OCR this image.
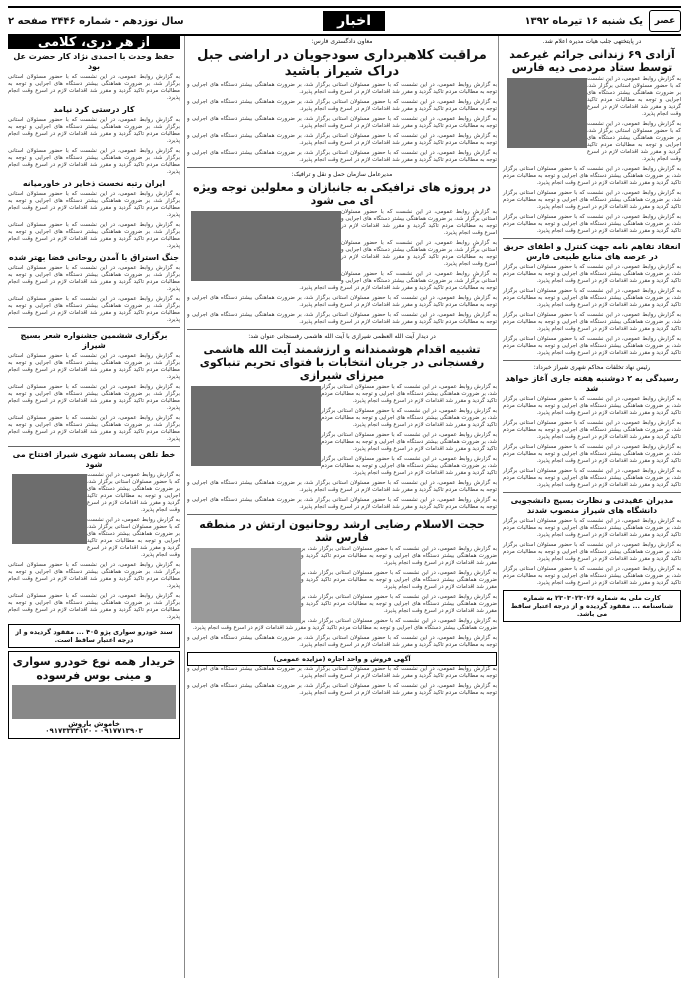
عصر
یک شنبه ۱۶ تیرماه ۱۳۹۲
اخبار
سال نوزدهم - شماره ۳۴۴۶ صفحه ۲
در پایتختهی جلب هیات مدیره اعلام شد.
آزادی ۶۹ زندانی جرائم غیرعمد توسط ستاد مردمی دیه فارس

به گزارش روابط عمومی، در این نشست که با حضور مسئولان استانی برگزار شد، بر ضرورت هماهنگی بیشتر دستگاه های اجرایی و توجه به مطالبات مردم تاکید گردید و مقرر شد اقدامات لازم در اسرع وقت انجام پذیرد.

به گزارش روابط عمومی، در این نشست که با حضور مسئولان استانی برگزار شد، بر ضرورت هماهنگی بیشتر دستگاه های اجرایی و توجه به مطالبات مردم تاکید گردید و مقرر شد اقدامات لازم در اسرع وقت انجام پذیرد.

به گزارش روابط عمومی، در این نشست که با حضور مسئولان استانی برگزار شد، بر ضرورت هماهنگی بیشتر دستگاه های اجرایی و توجه به مطالبات مردم تاکید گردید و مقرر شد اقدامات لازم در اسرع وقت انجام پذیرد.

به گزارش روابط عمومی، در این نشست که با حضور مسئولان استانی برگزار شد، بر ضرورت هماهنگی بیشتر دستگاه های اجرایی و توجه به مطالبات مردم تاکید گردید و مقرر شد اقدامات لازم در اسرع وقت انجام پذیرد.

به گزارش روابط عمومی، در این نشست که با حضور مسئولان استانی برگزار شد، بر ضرورت هماهنگی بیشتر دستگاه های اجرایی و توجه به مطالبات مردم تاکید گردید و مقرر شد اقدامات لازم در اسرع وقت انجام پذیرد.

انعقاد تفاهم نامه جهت کنترل و اطفای حریق در عرصه های منابع طبیعی فارس

به گزارش روابط عمومی، در این نشست که با حضور مسئولان استانی برگزار شد، بر ضرورت هماهنگی بیشتر دستگاه های اجرایی و توجه به مطالبات مردم تاکید گردید و مقرر شد اقدامات لازم در اسرع وقت انجام پذیرد.

به گزارش روابط عمومی، در این نشست که با حضور مسئولان استانی برگزار شد، بر ضرورت هماهنگی بیشتر دستگاه های اجرایی و توجه به مطالبات مردم تاکید گردید و مقرر شد اقدامات لازم در اسرع وقت انجام پذیرد.

به گزارش روابط عمومی، در این نشست که با حضور مسئولان استانی برگزار شد، بر ضرورت هماهنگی بیشتر دستگاه های اجرایی و توجه به مطالبات مردم تاکید گردید و مقرر شد اقدامات لازم در اسرع وقت انجام پذیرد.

به گزارش روابط عمومی، در این نشست که با حضور مسئولان استانی برگزار شد، بر ضرورت هماهنگی بیشتر دستگاه های اجرایی و توجه به مطالبات مردم تاکید گردید و مقرر شد اقدامات لازم در اسرع وقت انجام پذیرد.

رئیس نهاد تخلفات محاکم شهری شیراز خبرداد:
رسیدگی به ۲ دوشنبه هفته جاری آغاز خواهد شد

به گزارش روابط عمومی، در این نشست که با حضور مسئولان استانی برگزار شد، بر ضرورت هماهنگی بیشتر دستگاه های اجرایی و توجه به مطالبات مردم تاکید گردید و مقرر شد اقدامات لازم در اسرع وقت انجام پذیرد.

به گزارش روابط عمومی، در این نشست که با حضور مسئولان استانی برگزار شد، بر ضرورت هماهنگی بیشتر دستگاه های اجرایی و توجه به مطالبات مردم تاکید گردید و مقرر شد اقدامات لازم در اسرع وقت انجام پذیرد.

به گزارش روابط عمومی، در این نشست که با حضور مسئولان استانی برگزار شد، بر ضرورت هماهنگی بیشتر دستگاه های اجرایی و توجه به مطالبات مردم تاکید گردید و مقرر شد اقدامات لازم در اسرع وقت انجام پذیرد.

به گزارش روابط عمومی، در این نشست که با حضور مسئولان استانی برگزار شد، بر ضرورت هماهنگی بیشتر دستگاه های اجرایی و توجه به مطالبات مردم تاکید گردید و مقرر شد اقدامات لازم در اسرع وقت انجام پذیرد.

مدیران عقیدتی و نظارت بسیج دانشجویی دانشگاه های شیراز منصوب شدند

به گزارش روابط عمومی، در این نشست که با حضور مسئولان استانی برگزار شد، بر ضرورت هماهنگی بیشتر دستگاه های اجرایی و توجه به مطالبات مردم تاکید گردید و مقرر شد اقدامات لازم در اسرع وقت انجام پذیرد.

به گزارش روابط عمومی، در این نشست که با حضور مسئولان استانی برگزار شد، بر ضرورت هماهنگی بیشتر دستگاه های اجرایی و توجه به مطالبات مردم تاکید گردید و مقرر شد اقدامات لازم در اسرع وقت انجام پذیرد.

به گزارش روابط عمومی، در این نشست که با حضور مسئولان استانی برگزار شد، بر ضرورت هماهنگی بیشتر دستگاه های اجرایی و توجه به مطالبات مردم تاکید گردید و مقرر شد اقدامات لازم در اسرع وقت انجام پذیرد.

کارت ملی به شماره ۲۳۰۳۰۲۳۰۲۶ به شماره شناسنامه ... مفقود گردیده و از درجه اعتبار ساقط می باشد.
معاون دادگستری فارس:
مراقبت کلاهبرداری سودجویان در اراضی جبل دراک شیراز باشید

به گزارش روابط عمومی، در این نشست که با حضور مسئولان استانی برگزار شد، بر ضرورت هماهنگی بیشتر دستگاه های اجرایی و توجه به مطالبات مردم تاکید گردید و مقرر شد اقدامات لازم در اسرع وقت انجام پذیرد.

به گزارش روابط عمومی، در این نشست که با حضور مسئولان استانی برگزار شد، بر ضرورت هماهنگی بیشتر دستگاه های اجرایی و توجه به مطالبات مردم تاکید گردید و مقرر شد اقدامات لازم در اسرع وقت انجام پذیرد.

به گزارش روابط عمومی، در این نشست که با حضور مسئولان استانی برگزار شد، بر ضرورت هماهنگی بیشتر دستگاه های اجرایی و توجه به مطالبات مردم تاکید گردید و مقرر شد اقدامات لازم در اسرع وقت انجام پذیرد.

به گزارش روابط عمومی، در این نشست که با حضور مسئولان استانی برگزار شد، بر ضرورت هماهنگی بیشتر دستگاه های اجرایی و توجه به مطالبات مردم تاکید گردید و مقرر شد اقدامات لازم در اسرع وقت انجام پذیرد.

به گزارش روابط عمومی، در این نشست که با حضور مسئولان استانی برگزار شد، بر ضرورت هماهنگی بیشتر دستگاه های اجرایی و توجه به مطالبات مردم تاکید گردید و مقرر شد اقدامات لازم در اسرع وقت انجام پذیرد.

مدیرعامل سازمان حمل و نقل و ترافیک:
در پروژه های ترافیکی به جانبازان و معلولین توجه ویژه ای می شود

به گزارش روابط عمومی، در این نشست که با حضور مسئولان استانی برگزار شد، بر ضرورت هماهنگی بیشتر دستگاه های اجرایی و توجه به مطالبات مردم تاکید گردید و مقرر شد اقدامات لازم در اسرع وقت انجام پذیرد.

به گزارش روابط عمومی، در این نشست که با حضور مسئولان استانی برگزار شد، بر ضرورت هماهنگی بیشتر دستگاه های اجرایی و توجه به مطالبات مردم تاکید گردید و مقرر شد اقدامات لازم در اسرع وقت انجام پذیرد.

به گزارش روابط عمومی، در این نشست که با حضور مسئولان استانی برگزار شد، بر ضرورت هماهنگی بیشتر دستگاه های اجرایی و توجه به مطالبات مردم تاکید گردید و مقرر شد اقدامات لازم در اسرع وقت انجام پذیرد.

به گزارش روابط عمومی، در این نشست که با حضور مسئولان استانی برگزار شد، بر ضرورت هماهنگی بیشتر دستگاه های اجرایی و توجه به مطالبات مردم تاکید گردید و مقرر شد اقدامات لازم در اسرع وقت انجام پذیرد.

به گزارش روابط عمومی، در این نشست که با حضور مسئولان استانی برگزار شد، بر ضرورت هماهنگی بیشتر دستگاه های اجرایی و توجه به مطالبات مردم تاکید گردید و مقرر شد اقدامات لازم در اسرع وقت انجام پذیرد.

در دیدار آیت الله العظمی شیرازی با آیت الله هاشمی رفسنجانی عنوان شد:
تشبیه اقدام هوشمندانه و ارزشمند آیت الله هاشمی رفسنجانی در جریان انتخابات با فتوای تحریم تنباکوی میرزای شیرازی

به گزارش روابط عمومی، در این نشست که با حضور مسئولان استانی برگزار شد، بر ضرورت هماهنگی بیشتر دستگاه های اجرایی و توجه به مطالبات مردم تاکید گردید و مقرر شد اقدامات لازم در اسرع وقت انجام پذیرد.

به گزارش روابط عمومی، در این نشست که با حضور مسئولان استانی برگزار شد، بر ضرورت هماهنگی بیشتر دستگاه های اجرایی و توجه به مطالبات مردم تاکید گردید و مقرر شد اقدامات لازم در اسرع وقت انجام پذیرد.

به گزارش روابط عمومی، در این نشست که با حضور مسئولان استانی برگزار شد، بر ضرورت هماهنگی بیشتر دستگاه های اجرایی و توجه به مطالبات مردم تاکید گردید و مقرر شد اقدامات لازم در اسرع وقت انجام پذیرد.

به گزارش روابط عمومی، در این نشست که با حضور مسئولان استانی برگزار شد، بر ضرورت هماهنگی بیشتر دستگاه های اجرایی و توجه به مطالبات مردم تاکید گردید و مقرر شد اقدامات لازم در اسرع وقت انجام پذیرد.

به گزارش روابط عمومی، در این نشست که با حضور مسئولان استانی برگزار شد، بر ضرورت هماهنگی بیشتر دستگاه های اجرایی و توجه به مطالبات مردم تاکید گردید و مقرر شد اقدامات لازم در اسرع وقت انجام پذیرد.

به گزارش روابط عمومی، در این نشست که با حضور مسئولان استانی برگزار شد، بر ضرورت هماهنگی بیشتر دستگاه های اجرایی و توجه به مطالبات مردم تاکید گردید و مقرر شد اقدامات لازم در اسرع وقت انجام پذیرد.

حجت الاسلام رضایی ارشد روحانیون ارتش در منطقه فارس شد

به گزارش روابط عمومی، در این نشست که با حضور مسئولان استانی برگزار شد، بر ضرورت هماهنگی بیشتر دستگاه های اجرایی و توجه به مطالبات مردم تاکید گردید و مقرر شد اقدامات لازم در اسرع وقت انجام پذیرد.

به گزارش روابط عمومی، در این نشست که با حضور مسئولان استانی برگزار شد، بر ضرورت هماهنگی بیشتر دستگاه های اجرایی و توجه به مطالبات مردم تاکید گردید و مقرر شد اقدامات لازم در اسرع وقت انجام پذیرد.

به گزارش روابط عمومی، در این نشست که با حضور مسئولان استانی برگزار شد، بر ضرورت هماهنگی بیشتر دستگاه های اجرایی و توجه به مطالبات مردم تاکید گردید و مقرر شد اقدامات لازم در اسرع وقت انجام پذیرد.

به گزارش روابط عمومی، در این نشست که با حضور مسئولان استانی برگزار شد، بر ضرورت هماهنگی بیشتر دستگاه های اجرایی و توجه به مطالبات مردم تاکید گردید و مقرر شد اقدامات لازم در اسرع وقت انجام پذیرد.

به گزارش روابط عمومی، در این نشست که با حضور مسئولان استانی برگزار شد، بر ضرورت هماهنگی بیشتر دستگاه های اجرایی و توجه به مطالبات مردم تاکید گردید و مقرر شد اقدامات لازم در اسرع وقت انجام پذیرد.

آگهی فروش و واحد اجاره (مزایده عمومی)

به گزارش روابط عمومی، در این نشست که با حضور مسئولان استانی برگزار شد، بر ضرورت هماهنگی بیشتر دستگاه های اجرایی و توجه به مطالبات مردم تاکید گردید و مقرر شد اقدامات لازم در اسرع وقت انجام پذیرد.

به گزارش روابط عمومی، در این نشست که با حضور مسئولان استانی برگزار شد، بر ضرورت هماهنگی بیشتر دستگاه های اجرایی و توجه به مطالبات مردم تاکید گردید و مقرر شد اقدامات لازم در اسرع وقت انجام پذیرد.

از هر دری، کلامی
حفظ وحدت با احمدی نژاد کار حضرت عل بود

به گزارش روابط عمومی، در این نشست که با حضور مسئولان استانی برگزار شد، بر ضرورت هماهنگی بیشتر دستگاه های اجرایی و توجه به مطالبات مردم تاکید گردید و مقرر شد اقدامات لازم در اسرع وقت انجام پذیرد.

کار درستی کرد نیامد

به گزارش روابط عمومی، در این نشست که با حضور مسئولان استانی برگزار شد، بر ضرورت هماهنگی بیشتر دستگاه های اجرایی و توجه به مطالبات مردم تاکید گردید و مقرر شد اقدامات لازم در اسرع وقت انجام پذیرد.

به گزارش روابط عمومی، در این نشست که با حضور مسئولان استانی برگزار شد، بر ضرورت هماهنگی بیشتر دستگاه های اجرایی و توجه به مطالبات مردم تاکید گردید و مقرر شد اقدامات لازم در اسرع وقت انجام پذیرد.

ایران رتبه نخست ذخایر در خاورمیانه

به گزارش روابط عمومی، در این نشست که با حضور مسئولان استانی برگزار شد، بر ضرورت هماهنگی بیشتر دستگاه های اجرایی و توجه به مطالبات مردم تاکید گردید و مقرر شد اقدامات لازم در اسرع وقت انجام پذیرد.

به گزارش روابط عمومی، در این نشست که با حضور مسئولان استانی برگزار شد، بر ضرورت هماهنگی بیشتر دستگاه های اجرایی و توجه به مطالبات مردم تاکید گردید و مقرر شد اقدامات لازم در اسرع وقت انجام پذیرد.

جنگ استراق با آمدن روحانی فضا بهتر شده

به گزارش روابط عمومی، در این نشست که با حضور مسئولان استانی برگزار شد، بر ضرورت هماهنگی بیشتر دستگاه های اجرایی و توجه به مطالبات مردم تاکید گردید و مقرر شد اقدامات لازم در اسرع وقت انجام پذیرد.

به گزارش روابط عمومی، در این نشست که با حضور مسئولان استانی برگزار شد، بر ضرورت هماهنگی بیشتر دستگاه های اجرایی و توجه به مطالبات مردم تاکید گردید و مقرر شد اقدامات لازم در اسرع وقت انجام پذیرد.

برگزاری ششمین جشنواره شعر بسیج شیراز

به گزارش روابط عمومی، در این نشست که با حضور مسئولان استانی برگزار شد، بر ضرورت هماهنگی بیشتر دستگاه های اجرایی و توجه به مطالبات مردم تاکید گردید و مقرر شد اقدامات لازم در اسرع وقت انجام پذیرد.

به گزارش روابط عمومی، در این نشست که با حضور مسئولان استانی برگزار شد، بر ضرورت هماهنگی بیشتر دستگاه های اجرایی و توجه به مطالبات مردم تاکید گردید و مقرر شد اقدامات لازم در اسرع وقت انجام پذیرد.

به گزارش روابط عمومی، در این نشست که با حضور مسئولان استانی برگزار شد، بر ضرورت هماهنگی بیشتر دستگاه های اجرایی و توجه به مطالبات مردم تاکید گردید و مقرر شد اقدامات لازم در اسرع وقت انجام پذیرد.

خط تلفن پسماند شهری شیراز افتتاح می شود

به گزارش روابط عمومی، در این نشست که با حضور مسئولان استانی برگزار شد، بر ضرورت هماهنگی بیشتر دستگاه های اجرایی و توجه به مطالبات مردم تاکید گردید و مقرر شد اقدامات لازم در اسرع وقت انجام پذیرد.

به گزارش روابط عمومی، در این نشست که با حضور مسئولان استانی برگزار شد، بر ضرورت هماهنگی بیشتر دستگاه های اجرایی و توجه به مطالبات مردم تاکید گردید و مقرر شد اقدامات لازم در اسرع وقت انجام پذیرد.

به گزارش روابط عمومی، در این نشست که با حضور مسئولان استانی برگزار شد، بر ضرورت هماهنگی بیشتر دستگاه های اجرایی و توجه به مطالبات مردم تاکید گردید و مقرر شد اقدامات لازم در اسرع وقت انجام پذیرد.

به گزارش روابط عمومی، در این نشست که با حضور مسئولان استانی برگزار شد، بر ضرورت هماهنگی بیشتر دستگاه های اجرایی و توجه به مطالبات مردم تاکید گردید و مقرر شد اقدامات لازم در اسرع وقت انجام پذیرد.

سند خودرو سواری پژو ۴۰۵ ... مفقود گردیده و از درجه اعتبار ساقط است.
خریدار همه نوع خودرو سواری و مینی بوس فرسوده
خاموش باروش
۰۹۱۷۷۱۳۹۰۳ - ۰۹۱۷۳۳۳۳۱۲۰
